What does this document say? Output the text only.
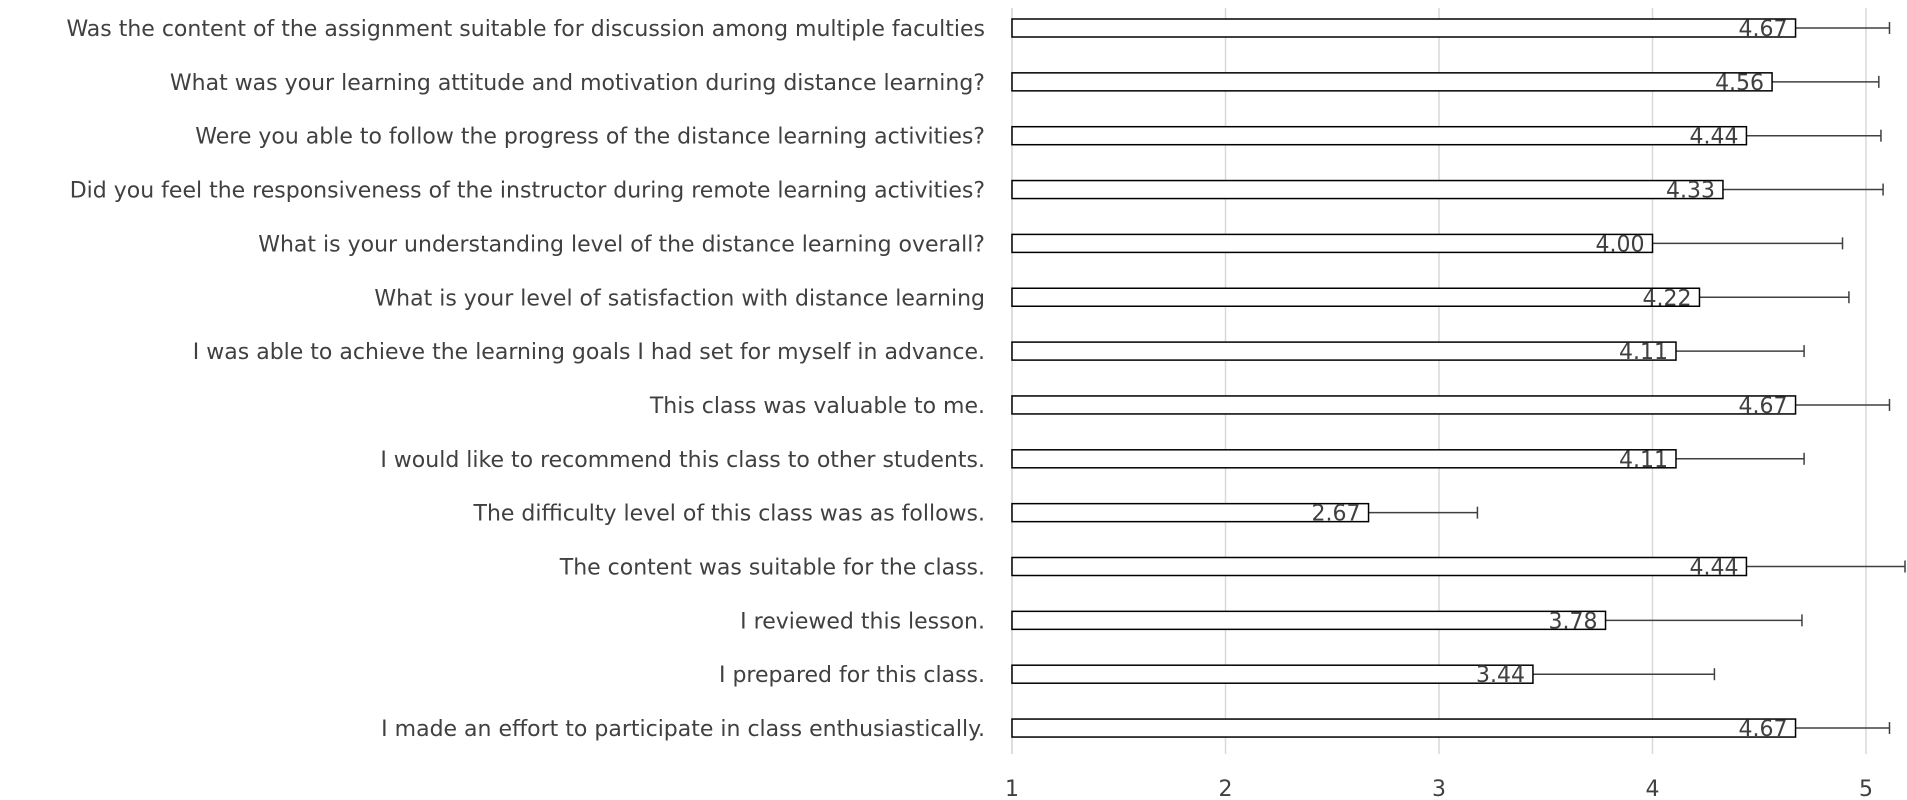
4.67
4.56
4.44
4.33
4.00
4.22
4.11
4.67
4.11
2.67
4.44
3.78
3.44
4.67
Was the content of the assignment suitable for discussion among multiple faculties
What was your learning attitude and motivation during distance learning?
Were you able to follow the progress of the distance learning activities?
Did you feel the responsiveness of the instructor during remote learning activities?
What is your understanding level of the distance learning overall?
What is your level of satisfaction with distance learning
I was able to achieve the learning goals I had set for myself in advance.
This class was valuable to me.
I would like to recommend this class to other students.
The difficulty level of this class was as follows.
The content was suitable for the class.
I reviewed this lesson.
I prepared for this class.
I made an effort to participate in class enthusiastically.
1	2	3	4	5
